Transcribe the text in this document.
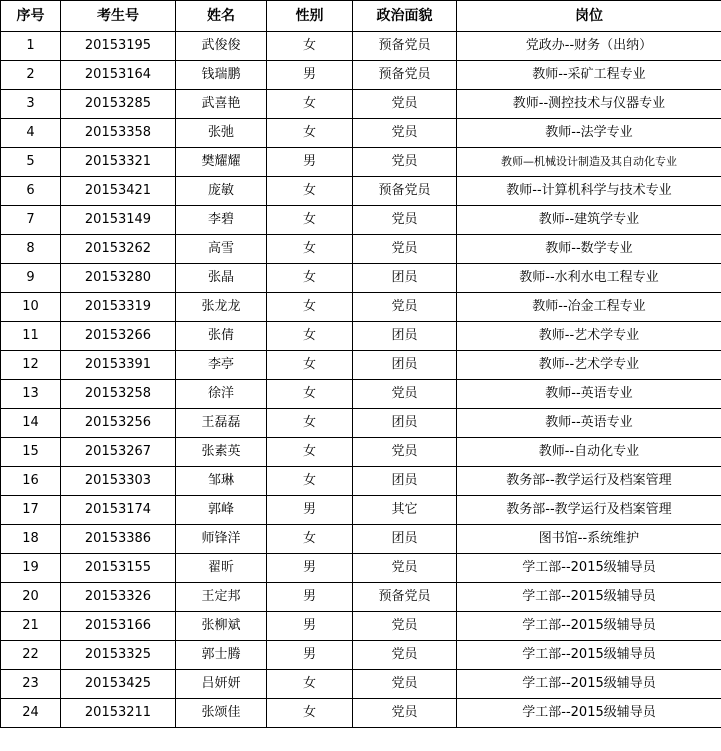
序号	考生号	姓名	性别	政治面貌	岗位
1	20153195	武俊俊	女	预备党员	党政办--财务（出纳）
2	20153164	钱瑞鹏	男	预备党员	教师--采矿工程专业
3	20153285	武喜艳	女	党员	教师--测控技术与仪器专业
4	20153358	张弛	女	党员	教师--法学专业
5	20153321	樊耀耀	男	党员	教师—机械设计制造及其自动化专业
6	20153421	庞敏	女	预备党员	教师--计算机科学与技术专业
7	20153149	李碧	女	党员	教师--建筑学专业
8	20153262	高雪	女	党员	教师--数学专业
9	20153280	张晶	女	团员	教师--水利水电工程专业
10	20153319	张龙龙	女	党员	教师--冶金工程专业
11	20153266	张倩	女	团员	教师--艺术学专业
12	20153391	李亭	女	团员	教师--艺术学专业
13	20153258	徐洋	女	党员	教师--英语专业
14	20153256	王磊磊	女	团员	教师--英语专业
15	20153267	张素英	女	党员	教师--自动化专业
16	20153303	邹琳	女	团员	教务部--教学运行及档案管理
17	20153174	郭峰	男	其它	教务部--教学运行及档案管理
18	20153386	师锋洋	女	团员	图书馆--系统维护
19	20153155	翟昕	男	党员	学工部--2015级辅导员
20	20153326	王定邦	男	预备党员	学工部--2015级辅导员
21	20153166	张柳斌	男	党员	学工部--2015级辅导员
22	20153325	郭士腾	男	党员	学工部--2015级辅导员
23	20153425	吕妍妍	女	党员	学工部--2015级辅导员
24	20153211	张颂佳	女	党员	学工部--2015级辅导员
